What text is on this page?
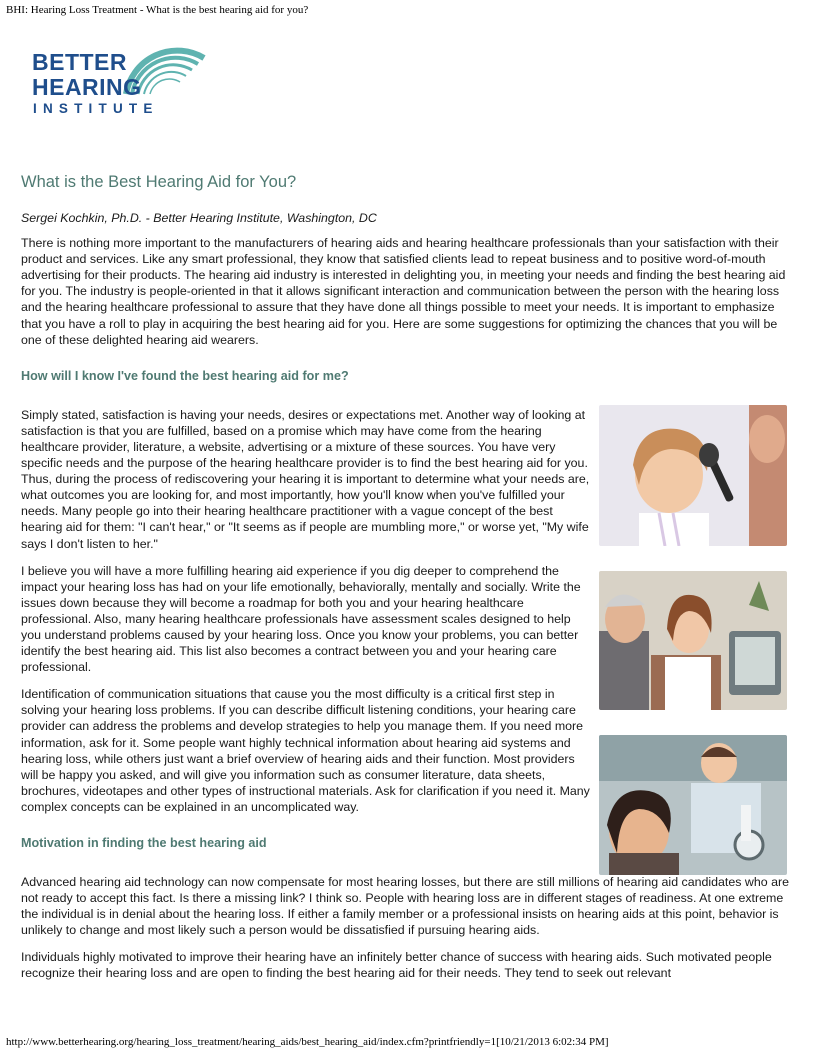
BHI: Hearing Loss Treatment - What is the best hearing aid for you?
BETTER
HEARING
INSTITUTE
What is the Best Hearing Aid for You?
Sergei Kochkin, Ph.D. - Better Hearing Institute, Washington, DC

There is nothing more important to the manufacturers of hearing aids and hearing healthcare professionals than your satisfaction with their product and services. Like any smart professional, they know that satisfied clients lead to repeat business and to positive word-of-mouth advertising for their products. The hearing aid industry is interested in delighting you, in meeting your needs and finding the best hearing aid for you. The industry is people-oriented in that it allows significant interaction and communication between the person with the hearing loss and the hearing healthcare professional to assure that they have done all things possible to meet your needs. It is important to emphasize that you have a roll to play in acquiring the best hearing aid for you. Here are some suggestions for optimizing the chances that you will be one of these delighted hearing aid wearers.

How will I know I've found the best hearing aid for me?

Simply stated, satisfaction is having your needs, desires or expectations met. Another way of looking at satisfaction is that you are fulfilled, based on a promise which may have come from the hearing healthcare provider, literature, a website, advertising or a mixture of these sources. You have very specific needs and the purpose of the hearing healthcare provider is to find the best hearing aid for you. Thus, during the process of rediscovering your hearing it is important to determine what your needs are, what outcomes you are looking for, and most importantly, how you'll know when you've fulfilled your needs. Many people go into their hearing healthcare practitioner with a vague concept of the best hearing aid for them: "I can't hear," or "It seems as if people are mumbling more," or worse yet, "My wife says I don't listen to her."

I believe you will have a more fulfilling hearing aid experience if you dig deeper to comprehend the impact your hearing loss has had on your life emotionally, behaviorally, mentally and socially. Write the issues down because they will become a roadmap for both you and your hearing healthcare professional. Also, many hearing healthcare professionals have assessment scales designed to help you understand problems caused by your hearing loss. Once you know your problems, you can better identify the best hearing aid. This list also becomes a contract between you and your hearing care professional.

Identification of communication situations that cause you the most difficulty is a critical first step in solving your hearing loss problems. If you can describe difficult listening conditions, your hearing care provider can address the problems and develop strategies to help you manage them. If you need more information, ask for it. Some people want highly technical information about hearing aid systems and hearing loss, while others just want a brief overview of hearing aids and their function. Most providers will be happy you asked, and will give you information such as consumer literature, data sheets, brochures, videotapes and other types of instructional materials. Ask for clarification if you need it. Many complex concepts can be explained in an uncomplicated way.

Motivation in finding the best hearing aid

Advanced hearing aid technology can now compensate for most hearing losses, but there are still millions of hearing aid candidates who are not ready to accept this fact. Is there a missing link? I think so. People with hearing loss are in different stages of readiness. At one extreme the individual is in denial about the hearing loss. If either a family member or a professional insists on hearing aids at this point, behavior is unlikely to change and most likely such a person would be dissatisfied if pursuing hearing aids.

Individuals highly motivated to improve their hearing have an infinitely better chance of success with hearing aids. Such motivated people recognize their hearing loss and are open to finding the best hearing aid for their needs. They tend to seek out relevant

http://www.betterhearing.org/hearing_loss_treatment/hearing_aids/best_hearing_aid/index.cfm?printfriendly=1[10/21/2013 6:02:34 PM]
